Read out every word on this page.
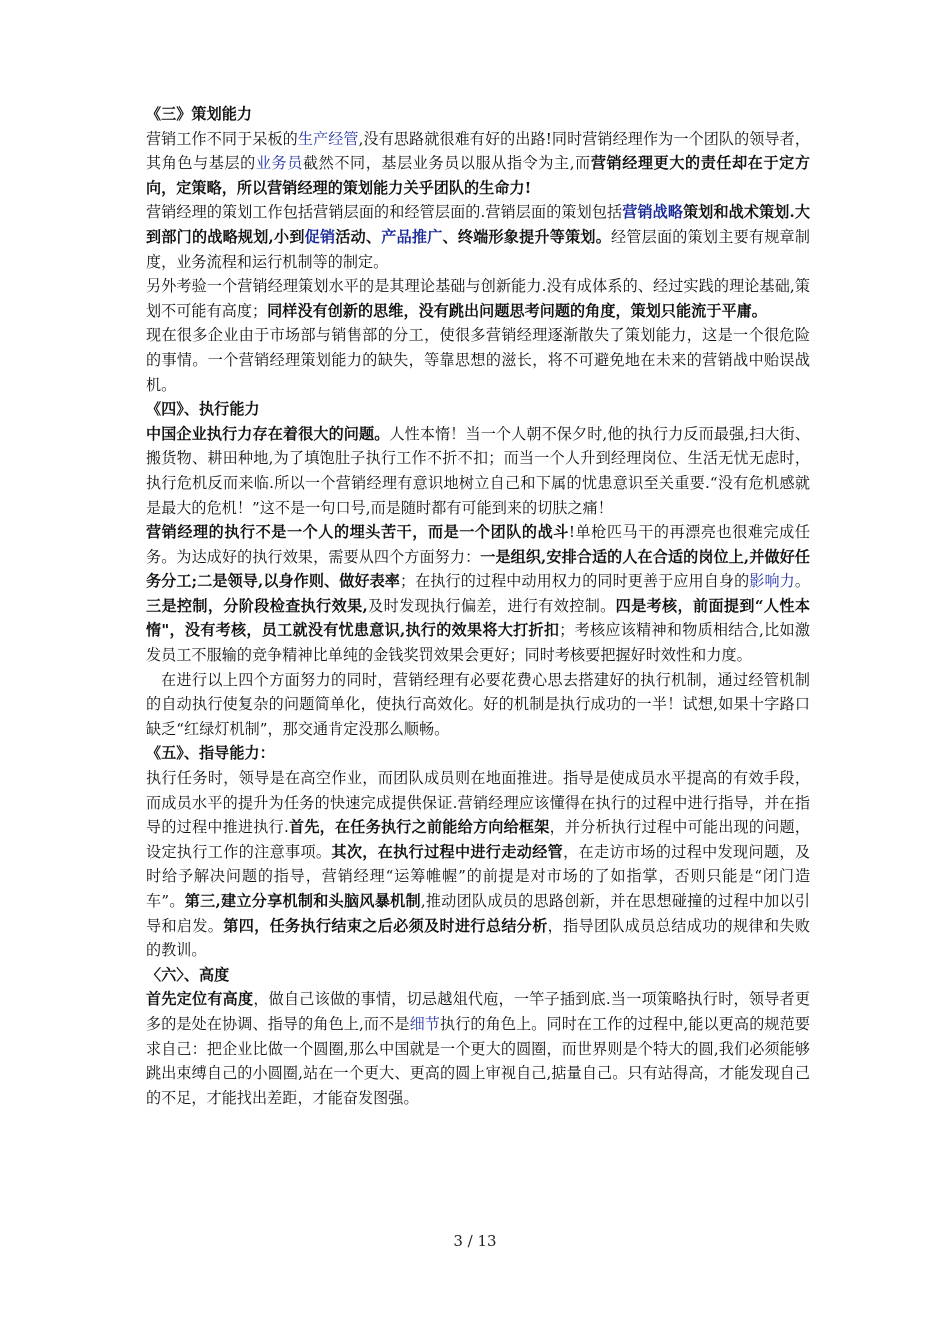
《三》策划能力

营销工作不同于呆板的生产经管,没有思路就很难有好的出路!同时营销经理作为一个团队的领导者，其角色与基层的业务员截然不同，基层业务员以服从指令为主,而营销经理更大的责任却在于定方向，定策略，所以营销经理的策划能力关乎团队的生命力!

营销经理的策划工作包括营销层面的和经管层面的.营销层面的策划包括营销战略策划和战术策划.大到部门的战略规划,小到促销活动、产品推广、终端形象提升等策划。经管层面的策划主要有规章制度，业务流程和运行机制等的制定。

另外考验一个营销经理策划水平的是其理论基础与创新能力.没有成体系的、经过实践的理论基础,策划不可能有高度；同样没有创新的思维，没有跳出问题思考问题的角度，策划只能流于平庸。

现在很多企业由于市场部与销售部的分工，使很多营销经理逐渐散失了策划能力，这是一个很危险的事情。一个营销经理策划能力的缺失，等靠思想的滋长，将不可避免地在未来的营销战中贻误战机。

《四》、执行能力

中国企业执行力存在着很大的问题。人性本惰！当一个人朝不保夕时,他的执行力反而最强,扫大街、搬货物、耕田种地,为了填饱肚子执行工作不折不扣；而当一个人升到经理岗位、生活无忧无虑时，执行危机反而来临.所以一个营销经理有意识地树立自己和下属的忧患意识至关重要.“没有危机感就是最大的危机！”这不是一句口号,而是随时都有可能到来的切肤之痛！

营销经理的执行不是一个人的埋头苦干，而是一个团队的战斗!单枪匹马干的再漂亮也很难完成任务。为达成好的执行效果，需要从四个方面努力：一是组织,安排合适的人在合适的岗位上,并做好任务分工;二是领导,以身作则、做好表率；在执行的过程中动用权力的同时更善于应用自身的影响力。三是控制，分阶段检查执行效果,及时发现执行偏差，进行有效控制。四是考核，前面提到“人性本惰"，没有考核，员工就没有忧患意识,执行的效果将大打折扣；考核应该精神和物质相结合,比如激发员工不服输的竞争精神比单纯的金钱奖罚效果会更好；同时考核要把握好时效性和力度。

在进行以上四个方面努力的同时，营销经理有必要花费心思去搭建好的执行机制，通过经管机制的自动执行使复杂的问题简单化，使执行高效化。好的机制是执行成功的一半！试想,如果十字路口缺乏“红绿灯机制”，那交通肯定没那么顺畅。

《五》、指导能力：

执行任务时，领导是在高空作业，而团队成员则在地面推进。指导是使成员水平提高的有效手段，而成员水平的提升为任务的快速完成提供保证.营销经理应该懂得在执行的过程中进行指导，并在指导的过程中推进执行.首先，在任务执行之前能给方向给框架，并分析执行过程中可能出现的问题，设定执行工作的注意事项。其次，在执行过程中进行走动经管，在走访市场的过程中发现问题，及时给予解决问题的指导，营销经理“运筹帷幄”的前提是对市场的了如指掌，否则只能是“闭门造车”。第三,建立分享机制和头脑风暴机制,推动团队成员的思路创新，并在思想碰撞的过程中加以引导和启发。第四，任务执行结束之后必须及时进行总结分析，指导团队成员总结成功的规律和失败的教训。

〈六〉、高度

首先定位有高度，做自己该做的事情，切忌越俎代庖，一竿子插到底.当一项策略执行时，领导者更多的是处在协调、指导的角色上,而不是细节执行的角色上。同时在工作的过程中,能以更高的规范要求自己：把企业比做一个圆圈,那么中国就是一个更大的圆圈，而世界则是个特大的圆,我们必须能够跳出束缚自己的小圆圈,站在一个更大、更高的圆上审视自己,掂量自己。只有站得高，才能发现自己的不足，才能找出差距，才能奋发图强。

3 / 13
